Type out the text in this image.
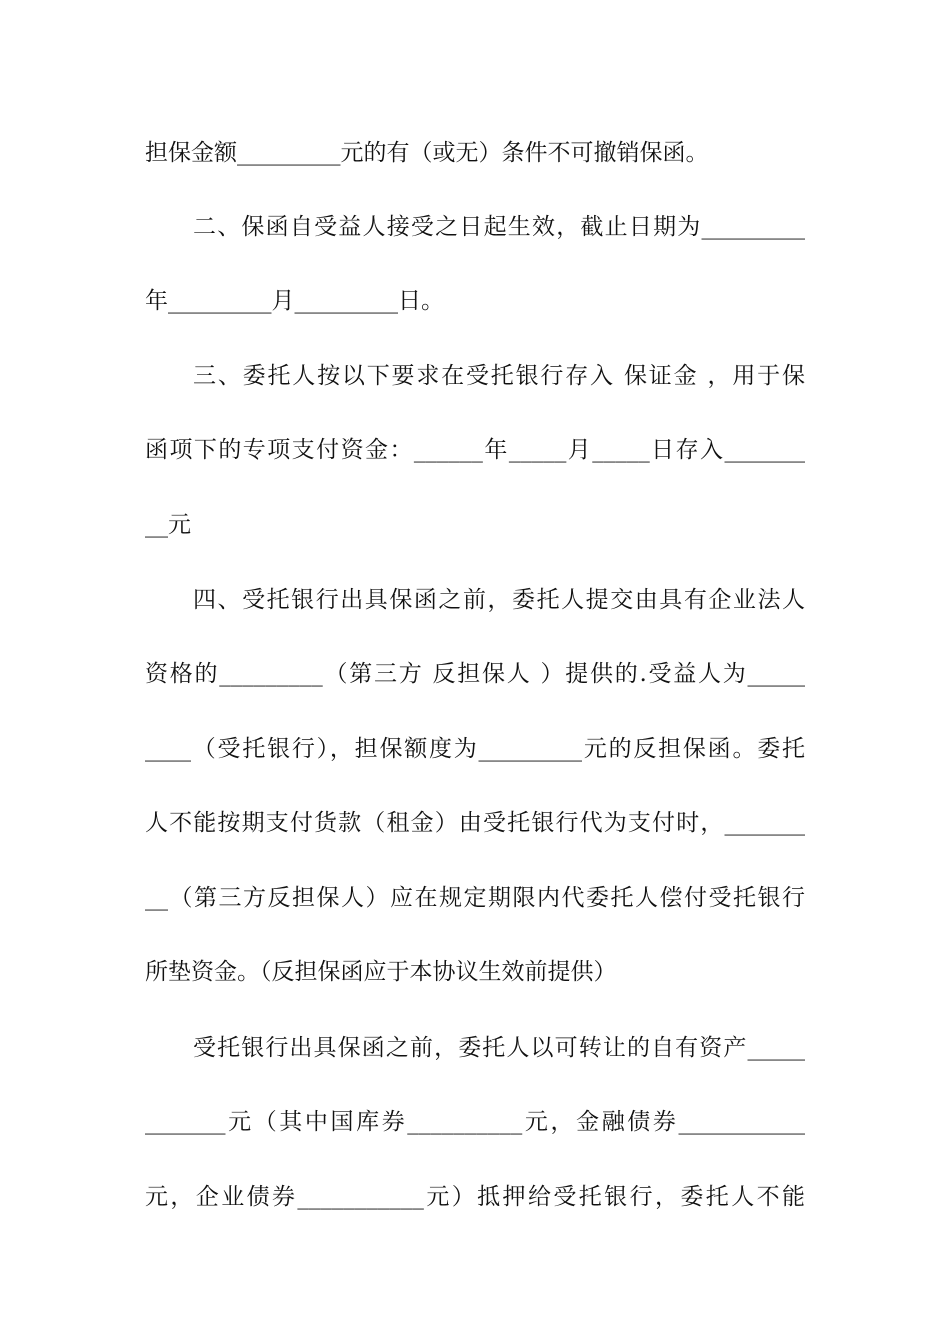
担保金额_________元的有（或无）条件不可撤销保函。
二、保函自受益人接受之日起生效，截止日期为_________
年_________月_________日。
三、委托人按以下要求在受托银行存入 保证金 ，用于保
函项下的专项支付资金：______年_____月_____日存入_______
__元
四、受托银行出具保函之前，委托人提交由具有企业法人
资格的_________（第三方 反担保人 ）提供的.受益人为_____
____（受托银行），担保额度为_________元的反担保函。委托
人不能按期支付货款（租金）由受托银行代为支付时，_______
__（第三方反担保人）应在规定期限内代委托人偿付受托银行
所垫资金。（反担保函应于本协议生效前提供）
受托银行出具保函之前，委托人以可转让的自有资产_____
_______元（其中国库券__________元，金融债券___________
元，企业债券___________元）抵押给受托银行，委托人不能
